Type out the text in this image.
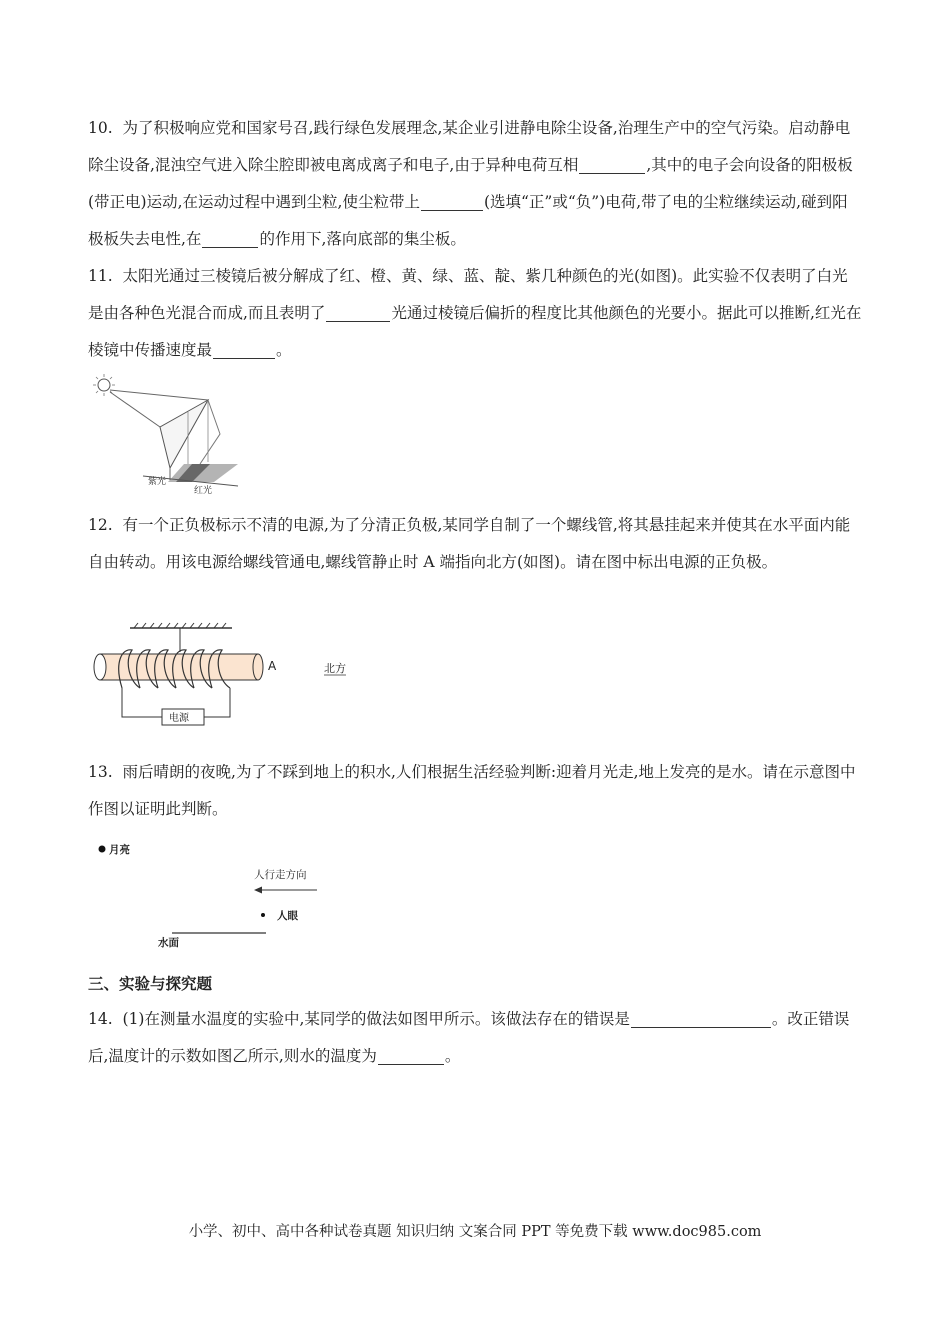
10. 为了积极响应党和国家号召,践行绿色发展理念,某企业引进静电除尘设备,治理生产中的空气污染。启动静电除尘设备,混浊空气进入除尘腔即被电离成离子和电子,由于异种电荷互相	,其中的电子会向设备的阳极板(带正电)运动,在运动过程中遇到尘粒,使尘粒带上	(选填“正”或“负”)电荷,带了电的尘粒继续运动,碰到阳极板失去电性,在	的作用下,落向底部的集尘板。

11. 太阳光通过三棱镜后被分解成了红、橙、黄、绿、蓝、靛、紫几种颜色的光(如图)。此实验不仅表明了白光是由各种色光混合而成,而且表明了	光通过棱镜后偏折的程度比其他颜色的光要小。据此可以推断,红光在棱镜中传播速度最	。

紫光
红光

12. 有一个正负极标示不清的电源,为了分清正负极,某同学自制了一个螺线管,将其悬挂起来并使其在水平面内能自由转动。用该电源给螺线管通电,螺线管静止时 A 端指向北方(如图)。请在图中标出电源的正负极。

电源
A	北方

13. 雨后晴朗的夜晚,为了不踩到地上的积水,人们根据生活经验判断:迎着月光走,地上发亮的是水。请在示意图中作图以证明此判断。

月亮
人行走方向
人眼
水面

三、实验与探究题

14. (1)在测量水温度的实验中,某同学的做法如图甲所示。该做法存在的错误是	。改正错误后,温度计的示数如图乙所示,则水的温度为	。

小学、初中、高中各种试卷真题 知识归纳 文案合同 PPT 等免费下载 www.doc985.com
